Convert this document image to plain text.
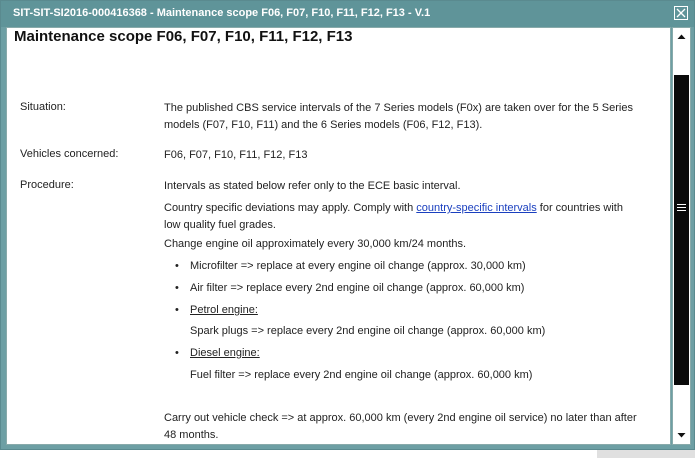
SIT-SIT-SI2016-000416368 - Maintenance scope F06, F07, F10, F11, F12, F13 - V.1
Maintenance scope F06, F07, F10, F11, F12, F13
Situation:	The published CBS service intervals of the 7 Series models (F0x) are taken over for the 5 Series models (F07, F10, F11) and the 6 Series models (F06, F12, F13).
Vehicles concerned:	F06, F07, F10, F11, F12, F13
Procedure:	Intervals as stated below refer only to the ECE basic interval.
Country specific deviations may apply. Comply with country-specific intervals for countries with low quality fuel grades.
Change engine oil approximately every 30,000 km/24 months.
• Microfilter => replace at every engine oil change (approx. 30,000 km)
• Air filter => replace every 2nd engine oil change (approx. 60,000 km)
• Petrol engine:
Spark plugs => replace every 2nd engine oil change (approx. 60,000 km)
• Diesel engine:
Fuel filter => replace every 2nd engine oil change (approx. 60,000 km)
Carry out vehicle check => at approx. 60,000 km (every 2nd engine oil service) no later than after 48 months.
